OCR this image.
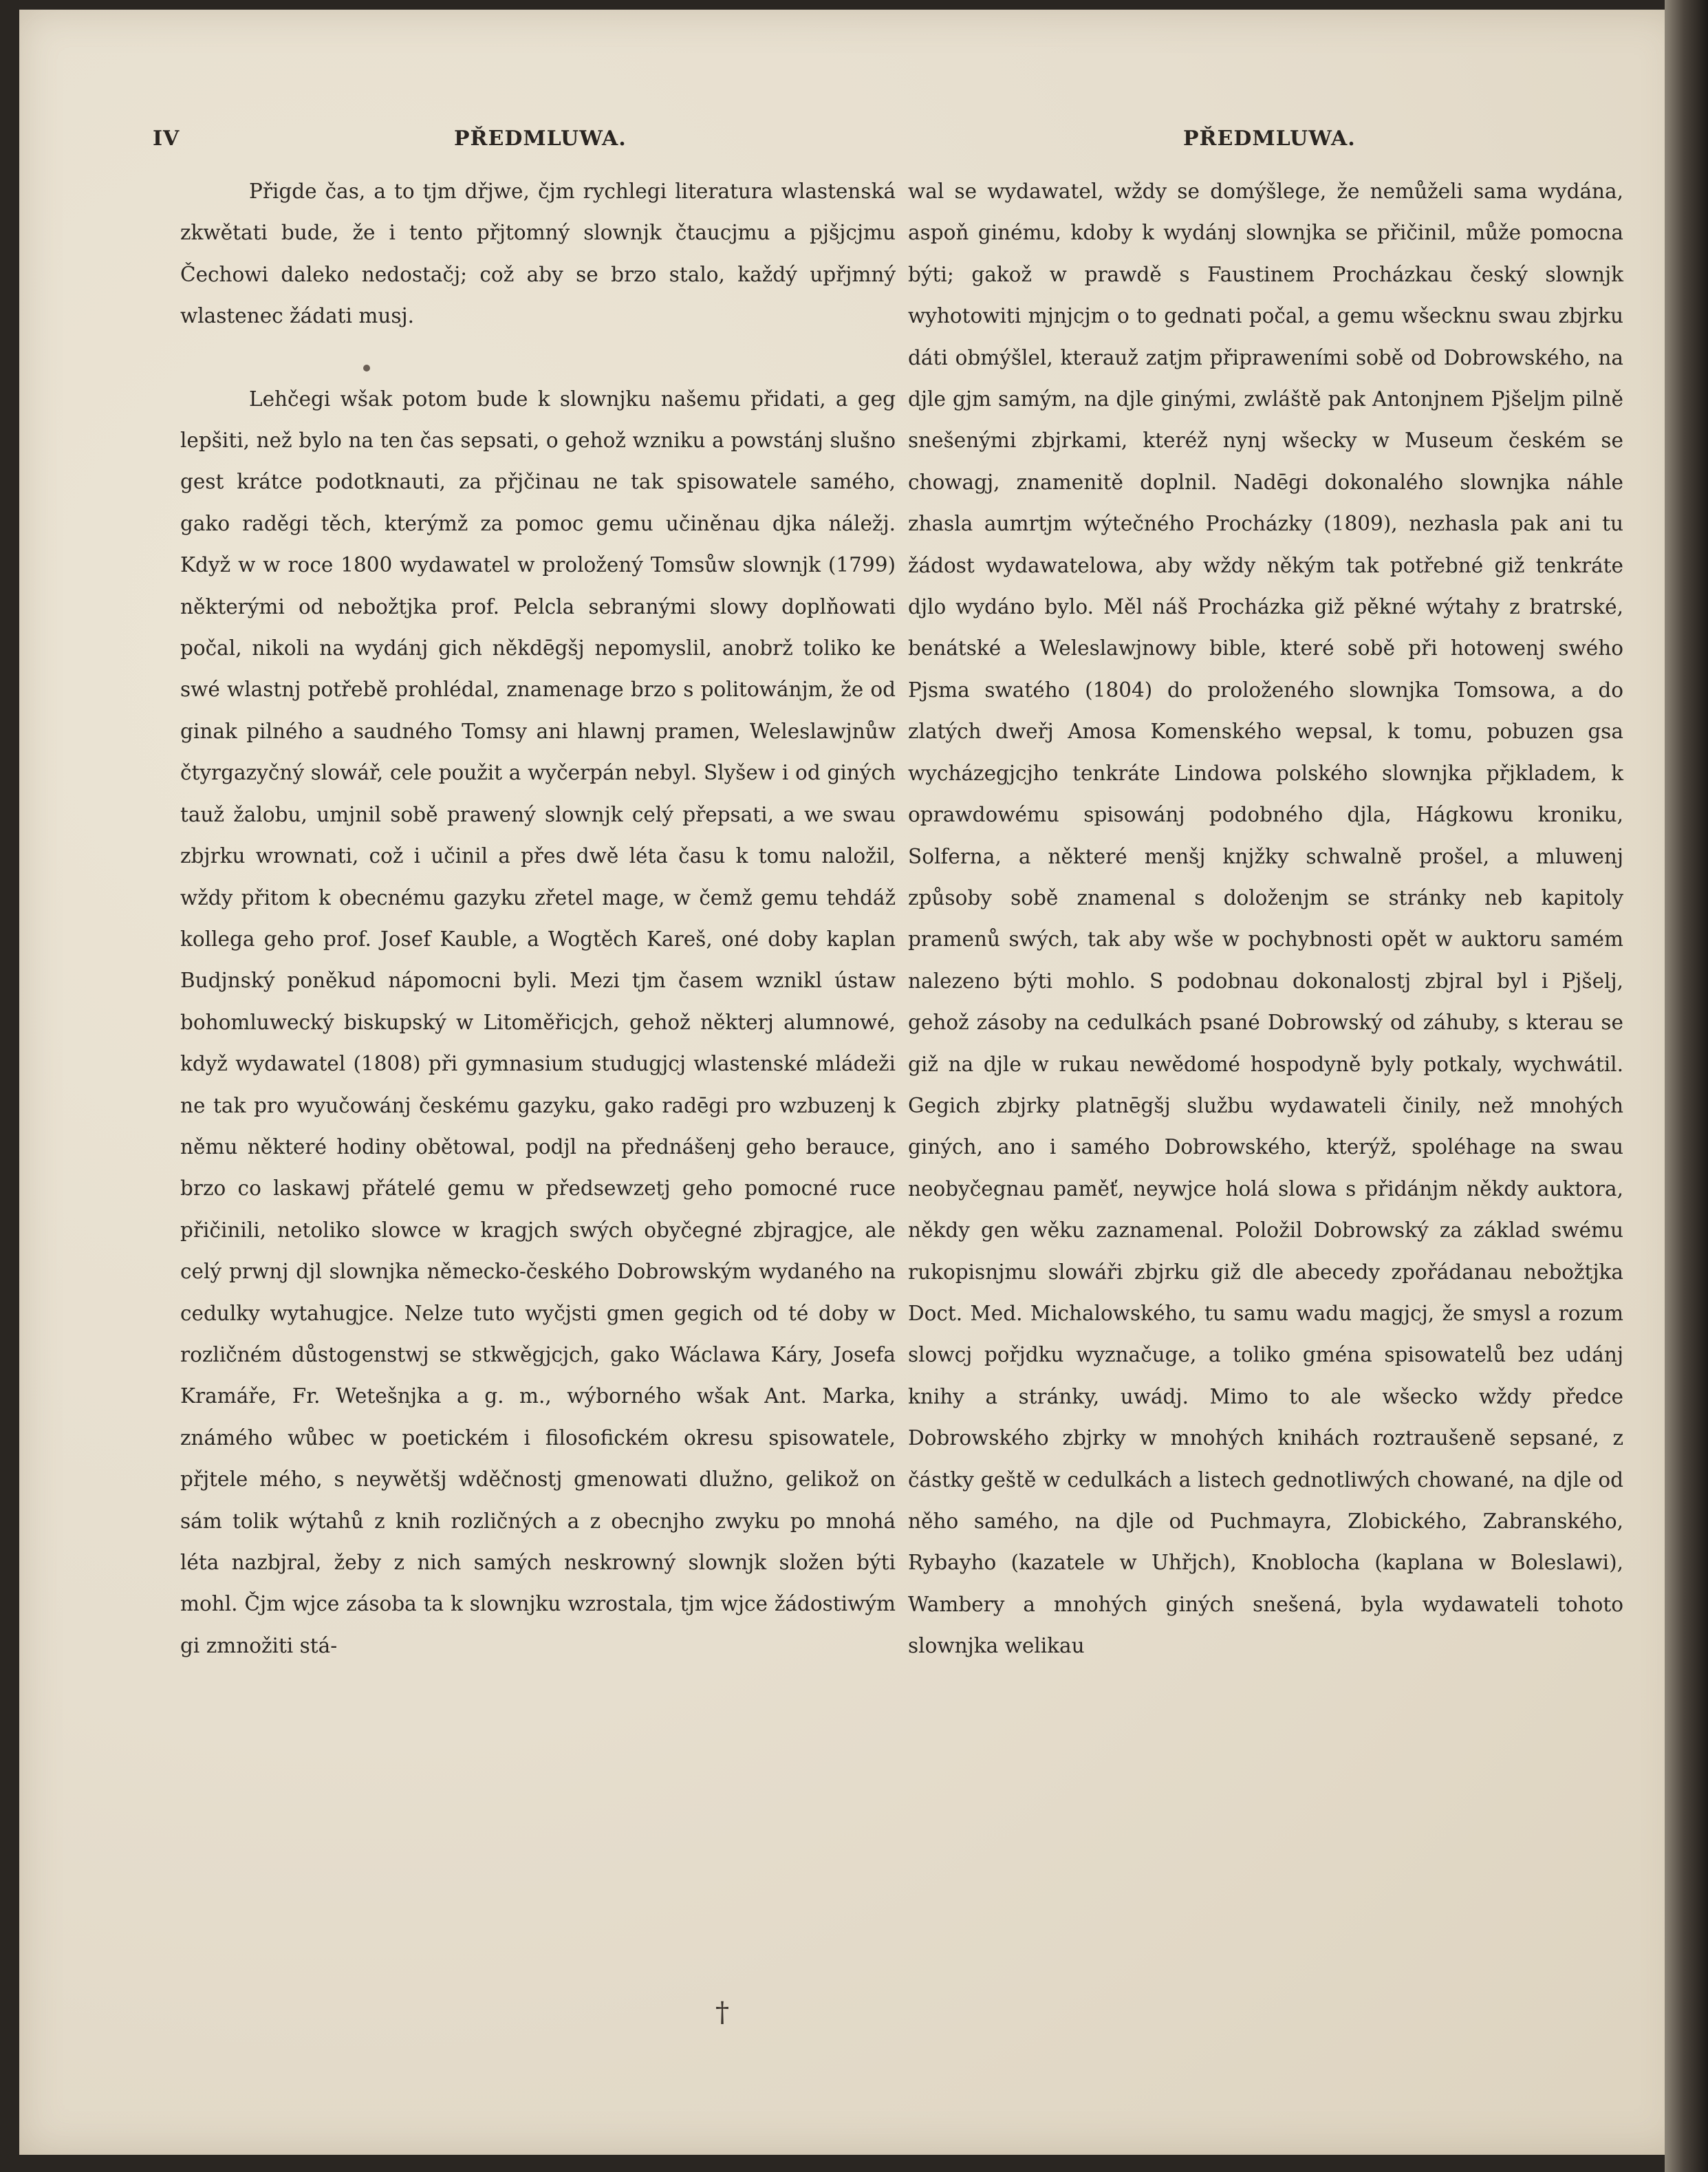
IV	PŘEDMLUWA.	PŘEDMLUWA.

Přigde čas, a to tjm dřjwe, čjm rychlegi literatura wlastenská zkwětati bude, že i tento přjtomný slownjk čtaucjmu a pjšjcjmu Čechowi daleko nedostačj; což aby se brzo stalo, každý upřjmný wlastenec žádati musj.

Lehčegi wšak potom bude k slownjku našemu přidati, a geg lepšiti, než bylo na ten čas sepsati, o gehož wzniku a powstánj slušno gest krátce podotknauti, za přjčinau ne tak spisowatele samého, gako raděgi těch, kterýmž za pomoc gemu učiněnau djka náležj. Když w w roce 1800 wydawatel w proložený Tomsůw slownjk (1799) některými od nebožtjka prof. Pelcla sebranými slowy doplňowati počal, nikoli na wydánj gich někdēgšj nepomyslil, anobrž toliko ke swé wlastnj potřebě prohlédal, znamenage brzo s politowánjm, že od ginak pilného a saudného Tomsy ani hlawnj pramen, Weleslawjnůw čtyrgazyčný slowář, cele použit a wyčerpán nebyl. Slyšew i od giných tauž žalobu, umjnil sobě prawený slownjk celý přepsati, a we swau zbjrku wrownati, což i učinil a přes dwě léta času k tomu naložil, wždy přitom k obecnému gazyku zřetel mage, w čemž gemu tehdáž kollega geho prof. Josef Kauble, a Wogtěch Kareš, oné doby kaplan Budjnský poněkud nápomocni byli. Mezi tjm časem wznikl ústaw bohomluwecký biskupský w Litoměřicjch, gehož některj alumnowé, když wydawatel (1808) při gymnasium studugjcj wlastenské mládeži ne tak pro wyučowánj českému gazyku, gako radēgi pro wzbuzenj k němu některé hodiny obětowal, podjl na přednášenj geho berauce, brzo co laskawj přátelé gemu w předsewzetj geho pomocné ruce přičinili, netoliko slowce w kragjch swých obyčegné zbjragjce, ale celý prwnj djl slownjka německo-českého Dobrowským wydaného na cedulky wytahugjce. Nelze tuto wyčjsti gmen gegich od té doby w rozličném důstogenstwj se stkwěgjcjch, gako Wáclawa Káry, Josefa Kramáře, Fr. Wetešnjka a g. m., wýborného wšak Ant. Marka, známého wůbec w poetickém i filosofickém okresu spisowatele, přjtele mého, s neywětšj wděčnostj gmenowati dlužno, gelikož on sám tolik wýtahů z knih rozličných a z obecnjho zwyku po mnohá léta nazbjral, žeby z nich samých neskrowný slownjk složen býti mohl. Čjm wjce zásoba ta k slownjku wzrostala, tjm wjce žádostiwým gi zmnožiti stá-

wal se wydawatel, wždy se domýšlege, že nemůželi sama wydána, aspoň ginému, kdoby k wydánj slownjka se přičinil, může pomocna býti; gakož w prawdě s Faustinem Procházkau český slownjk wyhotowiti mjnjcjm o to gednati počal, a gemu wšecknu swau zbjrku dáti obmýšlel, kterauž zatjm připraweními sobě od Dobrowského, na djle gjm samým, na djle ginými, zwláště pak Antonjnem Pjšeljm pilně snešenými zbjrkami, kteréž nynj wšecky w Museum českém se chowagj, znamenitě doplnil. Nadēgi dokonalého slownjka náhle zhasla aumrtjm wýtečného Procházky (1809), nezhasla pak ani tu žádost wydawatelowa, aby wždy někým tak potřebné giž tenkráte djlo wydáno bylo. Měl náš Procházka giž pěkné wýtahy z bratrské, benátské a Weleslawjnowy bible, které sobě při hotowenj swého Pjsma swatého (1804) do proloženého slownjka Tomsowa, a do zlatých dweřj Amosa Komenského wepsal, k tomu, pobuzen gsa wycházegjcjho tenkráte Lindowa polského slownjka přjkladem, k oprawdowému spisowánj podobného djla, Hágkowu kroniku, Solferna, a některé menšj knjžky schwalně prošel, a mluwenj způsoby sobě znamenal s doloženjm se stránky neb kapitoly pramenů swých, tak aby wše w pochybnosti opět w auktoru samém nalezeno býti mohlo. S podobnau dokonalostj zbjral byl i Pjšelj, gehož zásoby na cedulkách psané Dobrowský od záhuby, s kterau se giž na djle w rukau newědomé hospodyně byly potkaly, wychwátil. Gegich zbjrky platnēgšj službu wydawateli činily, než mnohých giných, ano i samého Dobrowského, kterýž, spoléhage na swau neobyčegnau paměť, neywjce holá slowa s přidánjm někdy auktora, někdy gen wěku zaznamenal. Položil Dobrowský za základ swému rukopisnjmu slowáři zbjrku giž dle abecedy zpořádanau nebožtjka Doct. Med. Michalowského, tu samu wadu magjcj, že smysl a rozum slowcj pořjdku wyznačuge, a toliko gména spisowatelů bez udánj knihy a stránky, uwádj. Mimo to ale wšecko wždy předce Dobrowského zbjrky w mnohých knihách roztraušeně sepsané, z částky geště w cedulkách a listech gednotliwých chowané, na djle od něho samého, na djle od Puchmayra, Zlobického, Zabranského, Rybayho (kazatele w Uhřjch), Knoblocha (kaplana w Boleslawi), Wambery a mnohých giných snešená, byla wydawateli tohoto slownjka welikau

†
